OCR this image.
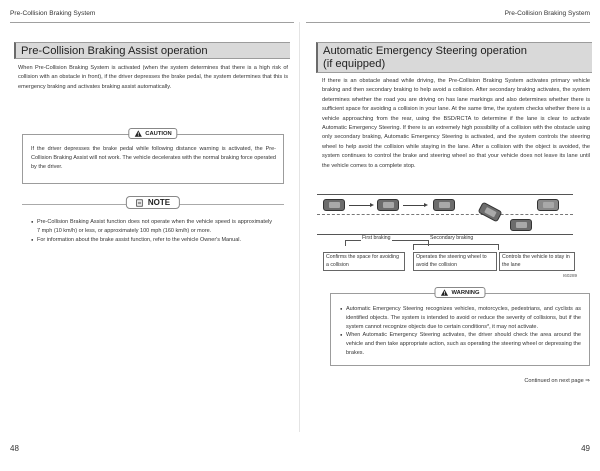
Pre-Collision Braking System
Pre-Collision Braking Assist operation
When Pre-Collision Braking System is activated (when the system determines that there is a high risk of collision with an obstacle in front), if the driver depresses the brake pedal, the system determines that this is emergency braking and activates braking assist automatically.
CAUTION
If the driver depresses the brake pedal while following distance warning is activated, the Pre-Collision Braking Assist will not work. The vehicle decelerates with the normal braking force operated by the driver.
NOTE
● Pre-Collision Braking Assist function does not operate when the vehicle speed is approximately 7 mph (10 km/h) or less, or approximately 100 mph (160 km/h) or more.
● For information about the brake assist function, refer to the vehicle Owner's Manual.
48
Pre-Collision Braking System
Automatic Emergency Steering operation
(if equipped)
If there is an obstacle ahead while driving, the Pre-Collision Braking System activates primary vehicle braking and then secondary braking to help avoid a collision. After secondary braking activates, the system determines whether the road you are driving on has lane markings and also determines whether there is sufficient space for avoiding a collision in your lane. At the same time, the system checks whether there is a vehicle approaching from the rear, using the BSD/RCTA to determine if the lane is clear to activate Automatic Emergency Steering. If there is an extremely high possibility of a collision with the obstacle using only secondary braking, Automatic Emergency Steering is activated, and the system controls the steering wheel to help avoid the collision while staying in the lane. After a collision with the object is avoided, the system continues to control the brake and steering wheel so that your vehicle does not leave its lane until the vehicle comes to a complete stop.
Continued on next page ⇒
49
First braking	Secondary braking
Confirms the space for avoiding a collision
Operates the steering wheel to avoid the collision
Controls the vehicle to stay in the lane
I60289
WARNING
● Automatic Emergency Steering recognizes vehicles, motorcycles, pedestrians, and cyclists as identified objects. The system is intended to avoid or reduce the severity of collisions, but if the system cannot recognize objects due to certain conditions*, it may not activate.
● When Automatic Emergency Steering activates, the driver should check the area around the vehicle and then take appropriate action, such as operating the steering wheel or depressing the brakes.
